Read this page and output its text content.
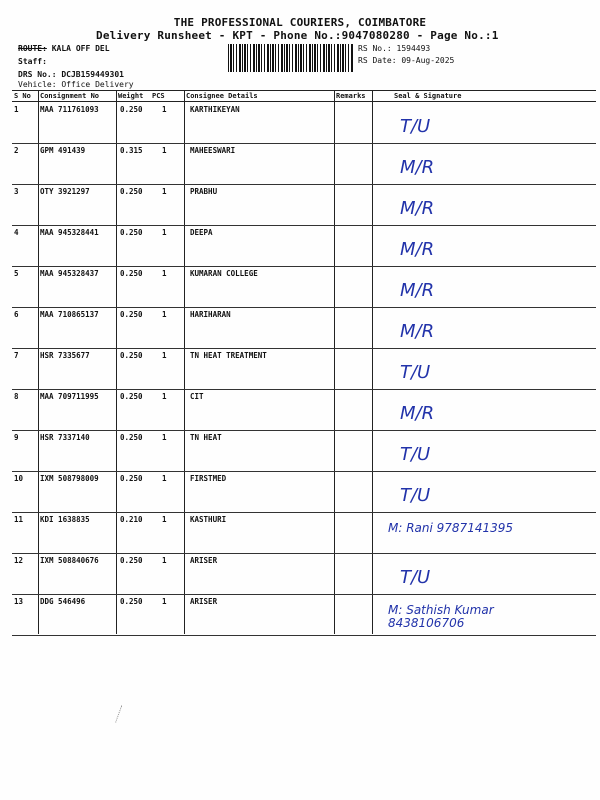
THE PROFESSIONAL COURIERS, COIMBATORE
Delivery Runsheet - KPT - Phone No.:9047080280 - Page No.:1
ROUTE: KALA OFF DEL
Staff:
DRS No.: DCJB159449301
Vehicle: Office Delivery
RS No.: 1594493
RS Date: 09-Aug-2025
S No Consignment No	Weight PCS	Consignee Details	Remarks	Seal & Signature
1	MAA 711761093	0.250	1	KARTHIKEYAN
T/U
2	GPM 491439	0.315	1	MAHEESWARI
M/R
3	OTY 3921297	0.250	1	PRABHU
M/R
4	MAA 945328441	0.250	1	DEEPA
M/R
5	MAA 945328437	0.250	1	KUMARAN COLLEGE
M/R
6	MAA 710865137	0.250	1	HARIHARAN
M/R
7	HSR 7335677	0.250	1	TN HEAT TREATMENT
T/U
8	MAA 709711995	0.250	1	CIT
M/R
9	HSR 7337140	0.250	1	TN HEAT
T/U
10 IXM 508798009	0.250	1	FIRSTMED
T/U
11 KDI 1638835	0.210	1	KASTHURI
M: Rani 9787141395
12 IXM 508840676	0.250	1	ARISER
T/U
13 DDG 546496	0.250	1	ARISER
M: Sathish Kumar 8438106706
